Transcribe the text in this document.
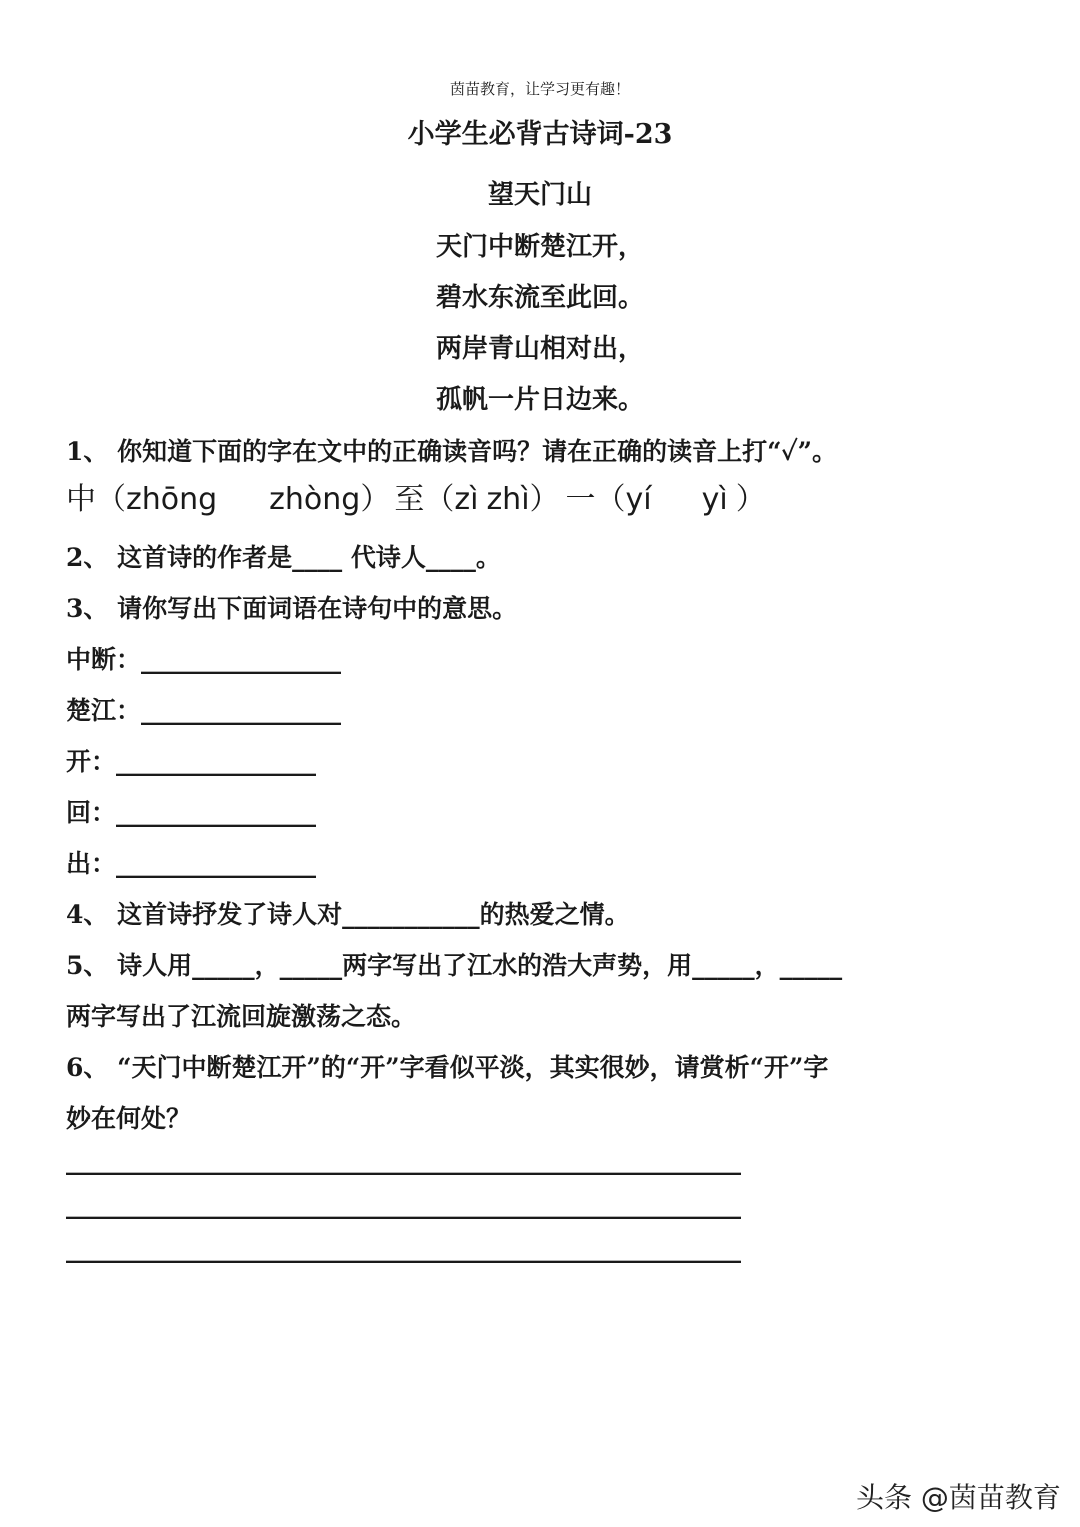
茵苗教育，让学习更有趣！
小学生必背古诗词-23
望天门山
天门中断楚江开，
碧水东流至此回。
两岸青山相对出，
孤帆一片日边来。
1、 你知道下面的字在文中的正确读音吗？请在正确的读音上打“✓”。
中（zhōng zhòng） 至（zì zhì） 一（yí yì ）
2、 这首诗的作者是____ 代诗人____。
3、 请你写出下面词语在诗句中的意思。
中断：________________
楚江：________________
开：________________
回：________________
出：________________
4、 这首诗抒发了诗人对___________的热爱之情。
5、 诗人用_____，_____两字写出了江水的浩大声势，用_____，_____
两字写出了江流回旋激荡之态。
6、 “天门中断楚江开”的“开”字看似平淡，其实很妙，请赏析“开”字
妙在何处？
______________________________________________________
______________________________________________________
______________________________________________________
头条 @茵苗教育
